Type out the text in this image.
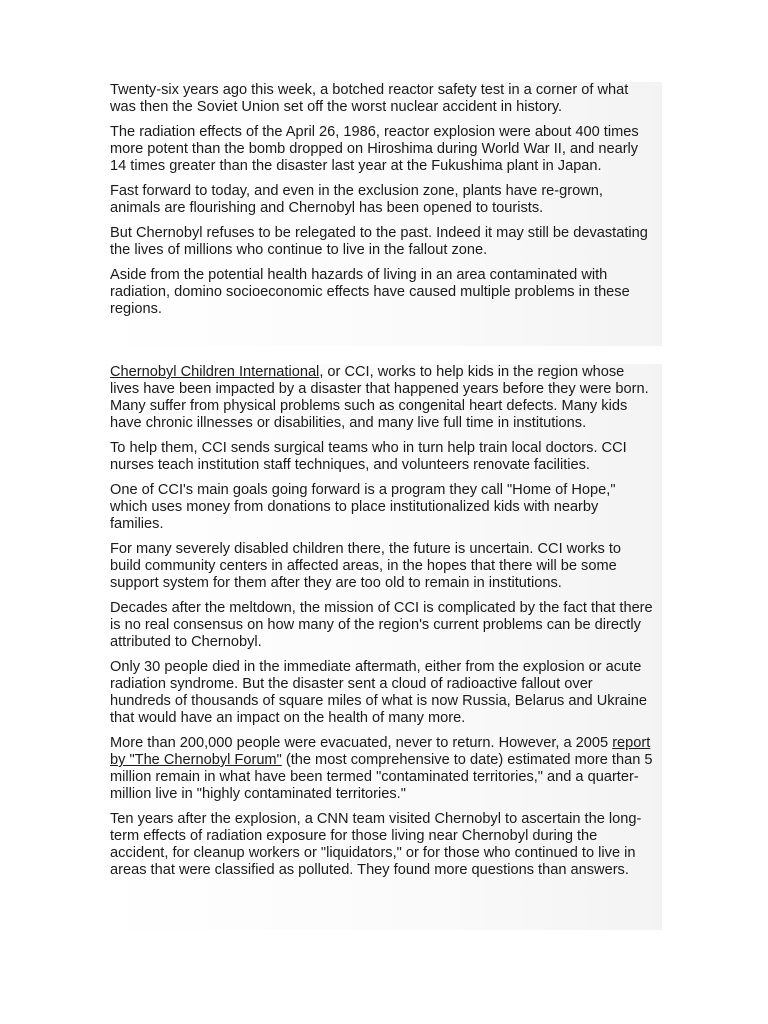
Twenty-six years ago this week, a botched reactor safety test in a corner of what was then the Soviet Union set off the worst nuclear accident in history.

The radiation effects of the April 26, 1986, reactor explosion were about 400 times more potent than the bomb dropped on Hiroshima during World War II, and nearly 14 times greater than the disaster last year at the Fukushima plant in Japan.

Fast forward to today, and even in the exclusion zone, plants have re-grown, animals are flourishing and Chernobyl has been opened to tourists.

But Chernobyl refuses to be relegated to the past. Indeed it may still be devastating the lives of millions who continue to live in the fallout zone.

Aside from the potential health hazards of living in an area contaminated with radiation, domino socioeconomic effects have caused multiple problems in these regions.

Chernobyl Children International, or CCI, works to help kids in the region whose lives have been impacted by a disaster that happened years before they were born. Many suffer from physical problems such as congenital heart defects. Many kids have chronic illnesses or disabilities, and many live full time in institutions.

To help them, CCI sends surgical teams who in turn help train local doctors. CCI nurses teach institution staff techniques, and volunteers renovate facilities.

One of CCI's main goals going forward is a program they call "Home of Hope," which uses money from donations to place institutionalized kids with nearby families.

For many severely disabled children there, the future is uncertain. CCI works to build community centers in affected areas, in the hopes that there will be some support system for them after they are too old to remain in institutions.

Decades after the meltdown, the mission of CCI is complicated by the fact that there is no real consensus on how many of the region's current problems can be directly attributed to Chernobyl.

Only 30 people died in the immediate aftermath, either from the explosion or acute radiation syndrome. But the disaster sent a cloud of radioactive fallout over hundreds of thousands of square miles of what is now Russia, Belarus and Ukraine that would have an impact on the health of many more.

More than 200,000 people were evacuated, never to return. However, a 2005 report by "The Chernobyl Forum" (the most comprehensive to date) estimated more than 5 million remain in what have been termed "contaminated territories," and a quarter-million live in "highly contaminated territories."

Ten years after the explosion, a CNN team visited Chernobyl to ascertain the long-term effects of radiation exposure for those living near Chernobyl during the accident, for cleanup workers or "liquidators," or for those who continued to live in areas that were classified as polluted. They found more questions than answers.
